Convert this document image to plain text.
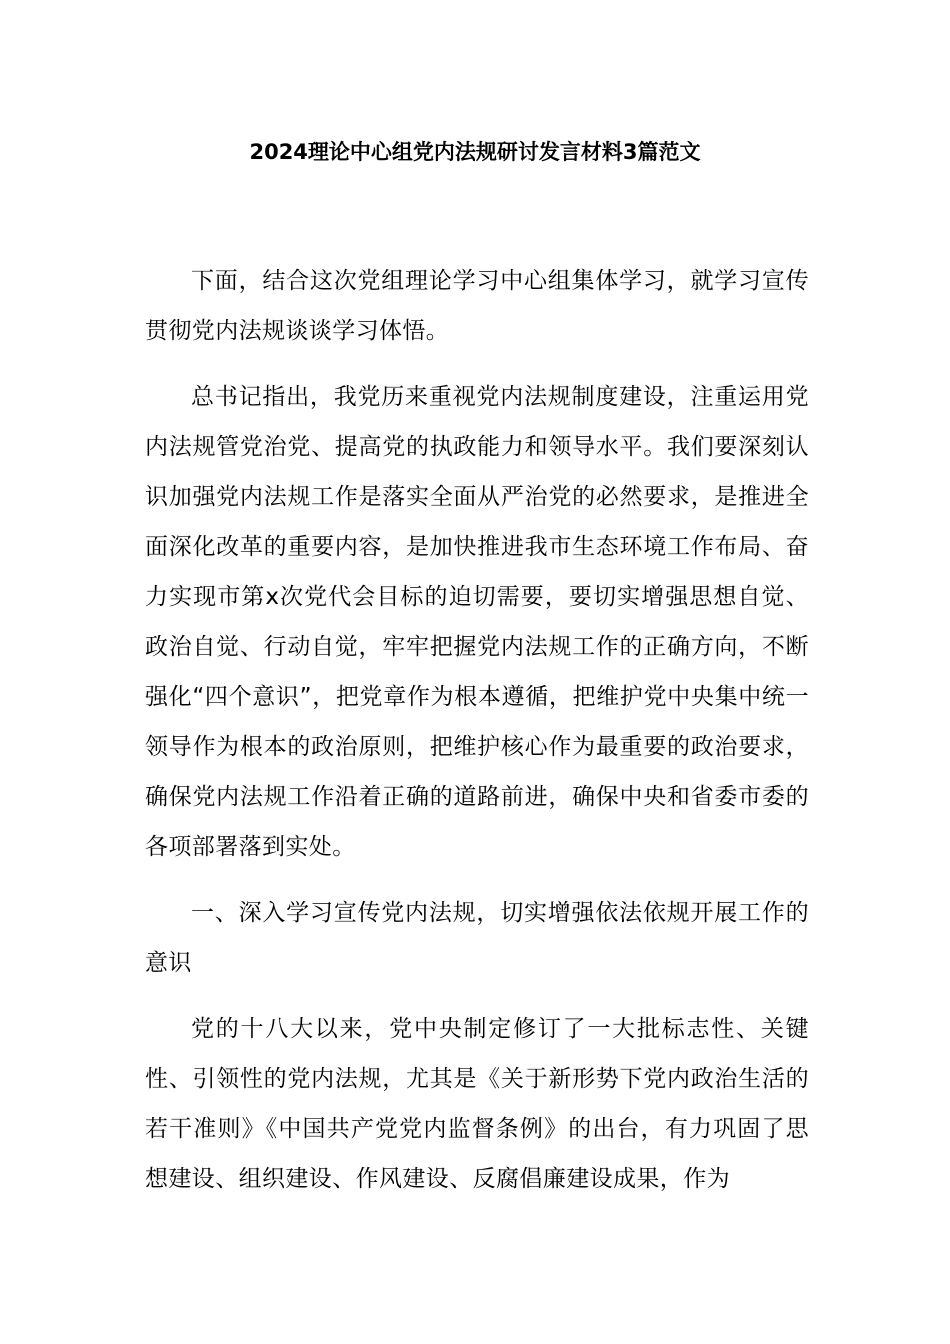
2024理论中心组党内法规研讨发言材料3篇范文

下面，结合这次党组理论学习中心组集体学习，就学习宣传贯彻党内法规谈谈学习体悟。

总书记指出，我党历来重视党内法规制度建设，注重运用党内法规管党治党、提高党的执政能力和领导水平。我们要深刻认识加强党内法规工作是落实全面从严治党的必然要求，是推进全面深化改革的重要内容，是加快推进我市生态环境工作布局、奋力实现市第x次党代会目标的迫切需要，要切实增强思想自觉、政治自觉、行动自觉，牢牢把握党内法规工作的正确方向，不断强化“四个意识”，把党章作为根本遵循，把维护党中央集中统一领导作为根本的政治原则，把维护核心作为最重要的政治要求，确保党内法规工作沿着正确的道路前进，确保中央和省委市委的各项部署落到实处。

一、深入学习宣传党内法规，切实增强依法依规开展工作的意识

党的十八大以来，党中央制定修订了一大批标志性、关键性、引领性的党内法规，尤其是《关于新形势下党内政治生活的若干准则》《中国共产党党内监督条例》的出台，有力巩固了思想建设、组织建设、作风建设、反腐倡廉建设成果，作为
